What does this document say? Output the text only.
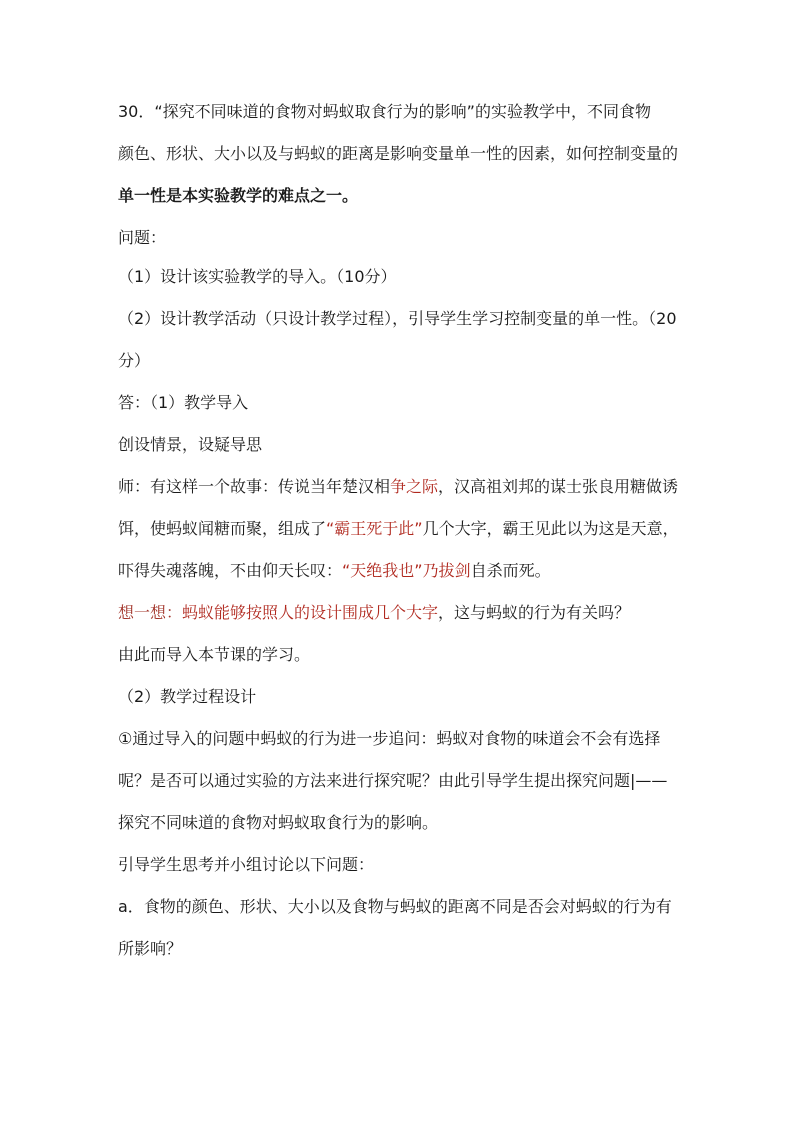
30．“探究不同味道的食物对蚂蚁取食行为的影响”的实验教学中，不同食物

颜色、形状、大小以及与蚂蚁的距离是影响变量单一性的因素，如何控制变量的

单一性是本实验教学的难点之一。

问题：

（1）设计该实验教学的导入。（10分）

（2）设计教学活动（只设计教学过程），引导学生学习控制变量的单一性。（20

分）

答：（1）教学导入

创设情景，设疑导思

师：有这样一个故事：传说当年楚汉相争之际，汉高祖刘邦的谋士张良用糖做诱

饵，使蚂蚁闻糖而聚，组成了“霸王死于此”几个大字，霸王见此以为这是天意，

吓得失魂落魄，不由仰天长叹：“天绝我也”乃拔剑自杀而死。

想一想：蚂蚁能够按照人的设计围成几个大字，这与蚂蚁的行为有关吗？

由此而导入本节课的学习。

（2）教学过程设计

①通过导入的问题中蚂蚁的行为进一步追问：蚂蚁对食物的味道会不会有选择

呢？是否可以通过实验的方法来进行探究呢？由此引导学生提出探究问题|——

探究不同味道的食物对蚂蚁取食行为的影响。

引导学生思考并小组讨论以下问题：

a．食物的颜色、形状、大小以及食物与蚂蚁的距离不同是否会对蚂蚁的行为有

所影响？
